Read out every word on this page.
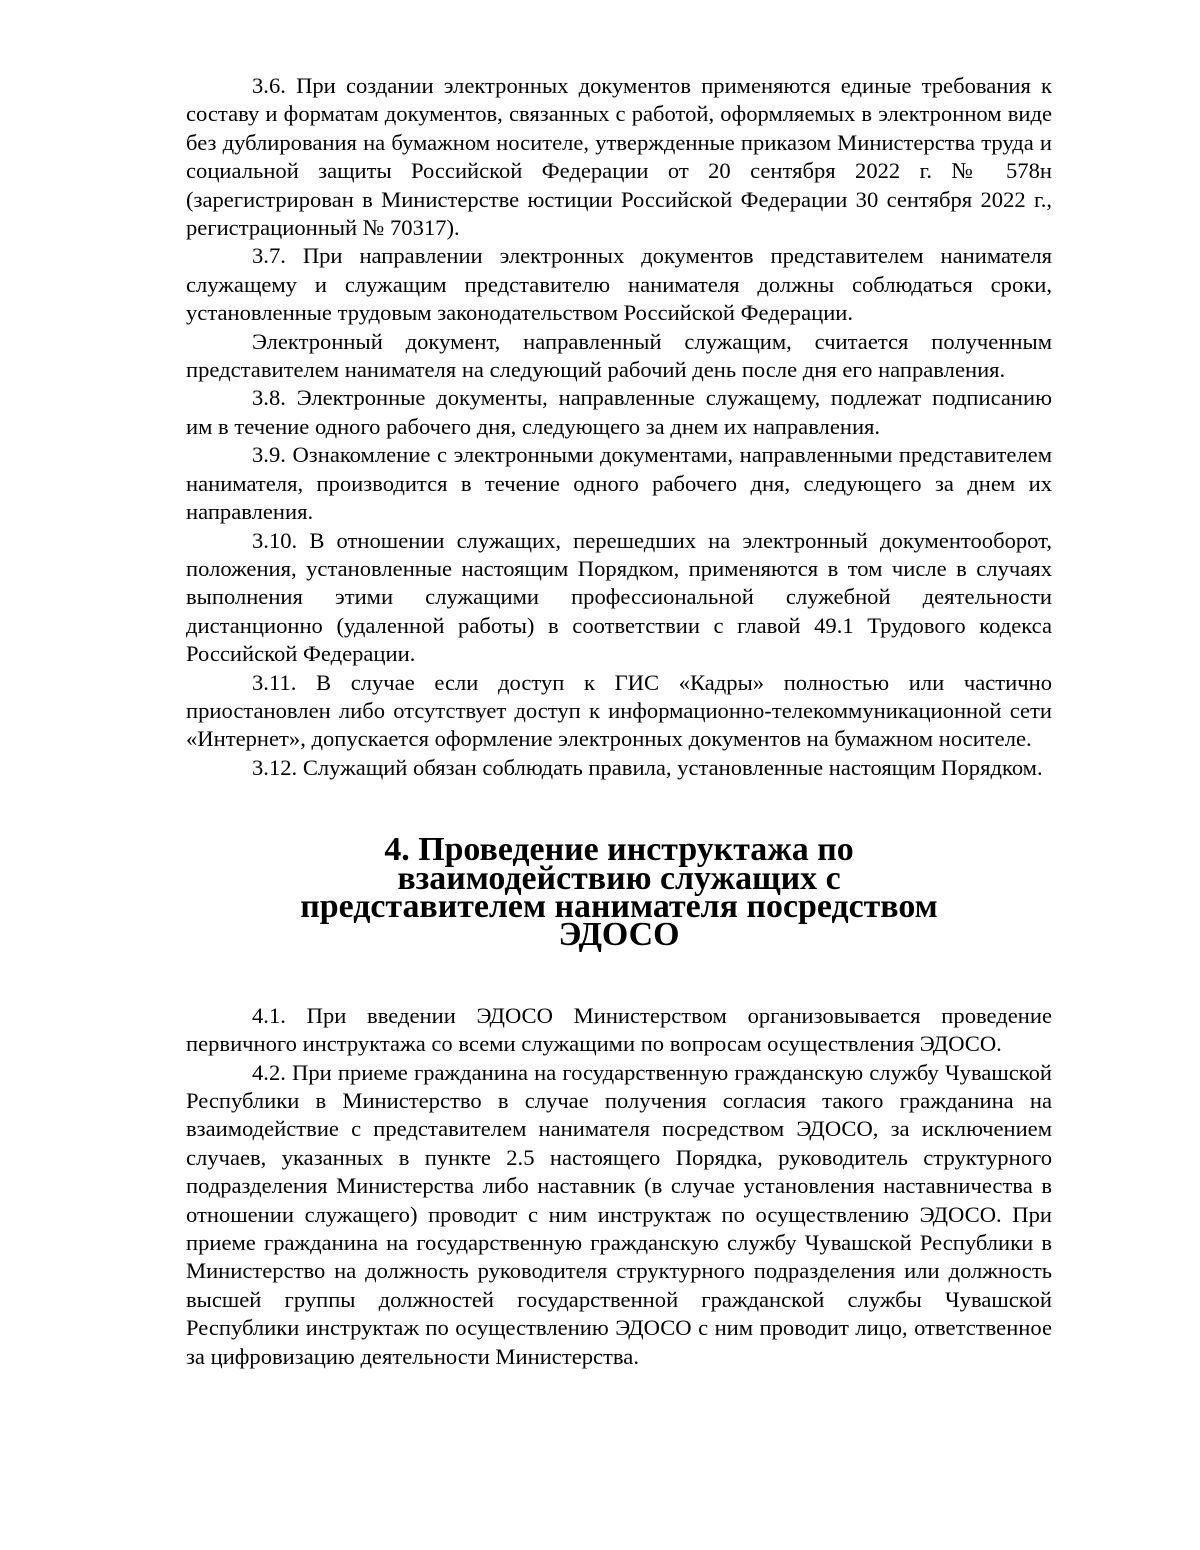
3.6. При создании электронных документов применяются единые требования к составу и форматам документов, связанных с работой, оформляемых в электронном виде без дублирования на бумажном носителе, утвержденные приказом Министерства труда и социальной защиты Российской Федерации от 20 сентября 2022 г. № 578н (зарегистрирован в Министерстве юстиции Российской Федерации 30 сентября 2022 г., регистрационный № 70317).

3.7. При направлении электронных документов представителем нанимателя служащему и служащим представителю нанимателя должны соблюдаться сроки, установленные трудовым законодательством Российской Федерации.

Электронный документ, направленный служащим, считается полученным представителем нанимателя на следующий рабочий день после дня его направления.

3.8. Электронные документы, направленные служащему, подлежат подписанию им в течение одного рабочего дня, следующего за днем их направления.

3.9. Ознакомление с электронными документами, направленными представителем нанимателя, производится в течение одного рабочего дня, следующего за днем их направления.

3.10. В отношении служащих, перешедших на электронный документооборот, положения, установленные настоящим Порядком, применяются в том числе в случаях выполнения этими служащими профессиональной служебной деятельности дистанционно (удаленной работы) в соответствии с главой 49.1 Трудового кодекса Российской Федерации.

3.11. В случае если доступ к ГИС «Кадры» полностью или частично приостановлен либо отсутствует доступ к информационно-телекоммуникационной сети «Интернет», допускается оформление электронных документов на бумажном носителе.

3.12. Служащий обязан соблюдать правила, установленные настоящим Порядком.

4. Проведение инструктажа по взаимодействию служащих с представителем нанимателя посредством ЭДОСО

4.1. При введении ЭДОСО Министерством организовывается проведение первичного инструктажа со всеми служащими по вопросам осуществления ЭДОСО.

4.2. При приеме гражданина на государственную гражданскую службу Чувашской Республики в Министерство в случае получения согласия такого гражданина на взаимодействие с представителем нанимателя посредством ЭДОСО, за исключением случаев, указанных в пункте 2.5 настоящего Порядка, руководитель структурного подразделения Министерства либо наставник (в случае установления наставничества в отношении служащего) проводит с ним инструктаж по осуществлению ЭДОСО. При приеме гражданина на государственную гражданскую службу Чувашской Республики в Министерство на должность руководителя структурного подразделения или должность высшей группы должностей государственной гражданской службы Чувашской Республики инструктаж по осуществлению ЭДОСО с ним проводит лицо, ответственное за цифровизацию деятельности Министерства.
